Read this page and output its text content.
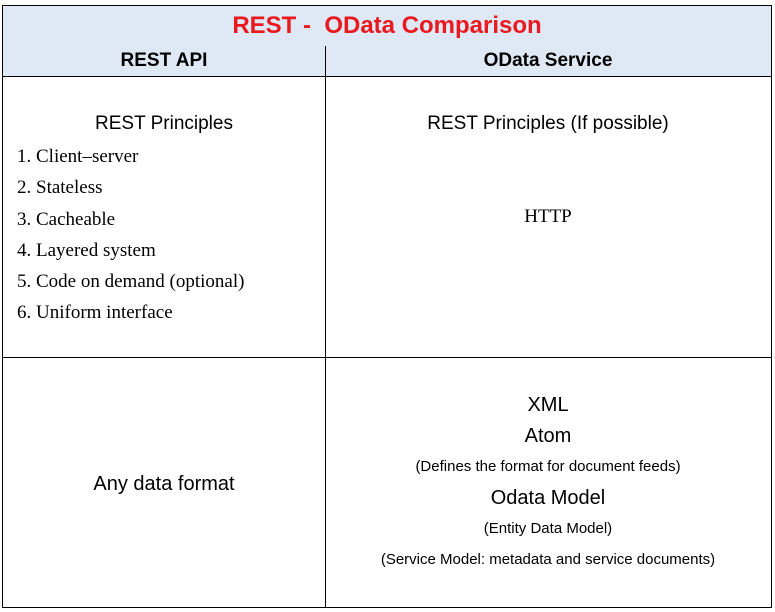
REST -  OData Comparison
REST API	OData Service
REST Principles
1. Client–server
2. Stateless
3. Cacheable
4. Layered system
5. Code on demand (optional)
6. Uniform interface
REST Principles (If possible)
HTTP
Any data format
XML
Atom
(Defines the format for document feeds)
Odata Model
(Entity Data Model)
(Service Model: metadata and service documents)
